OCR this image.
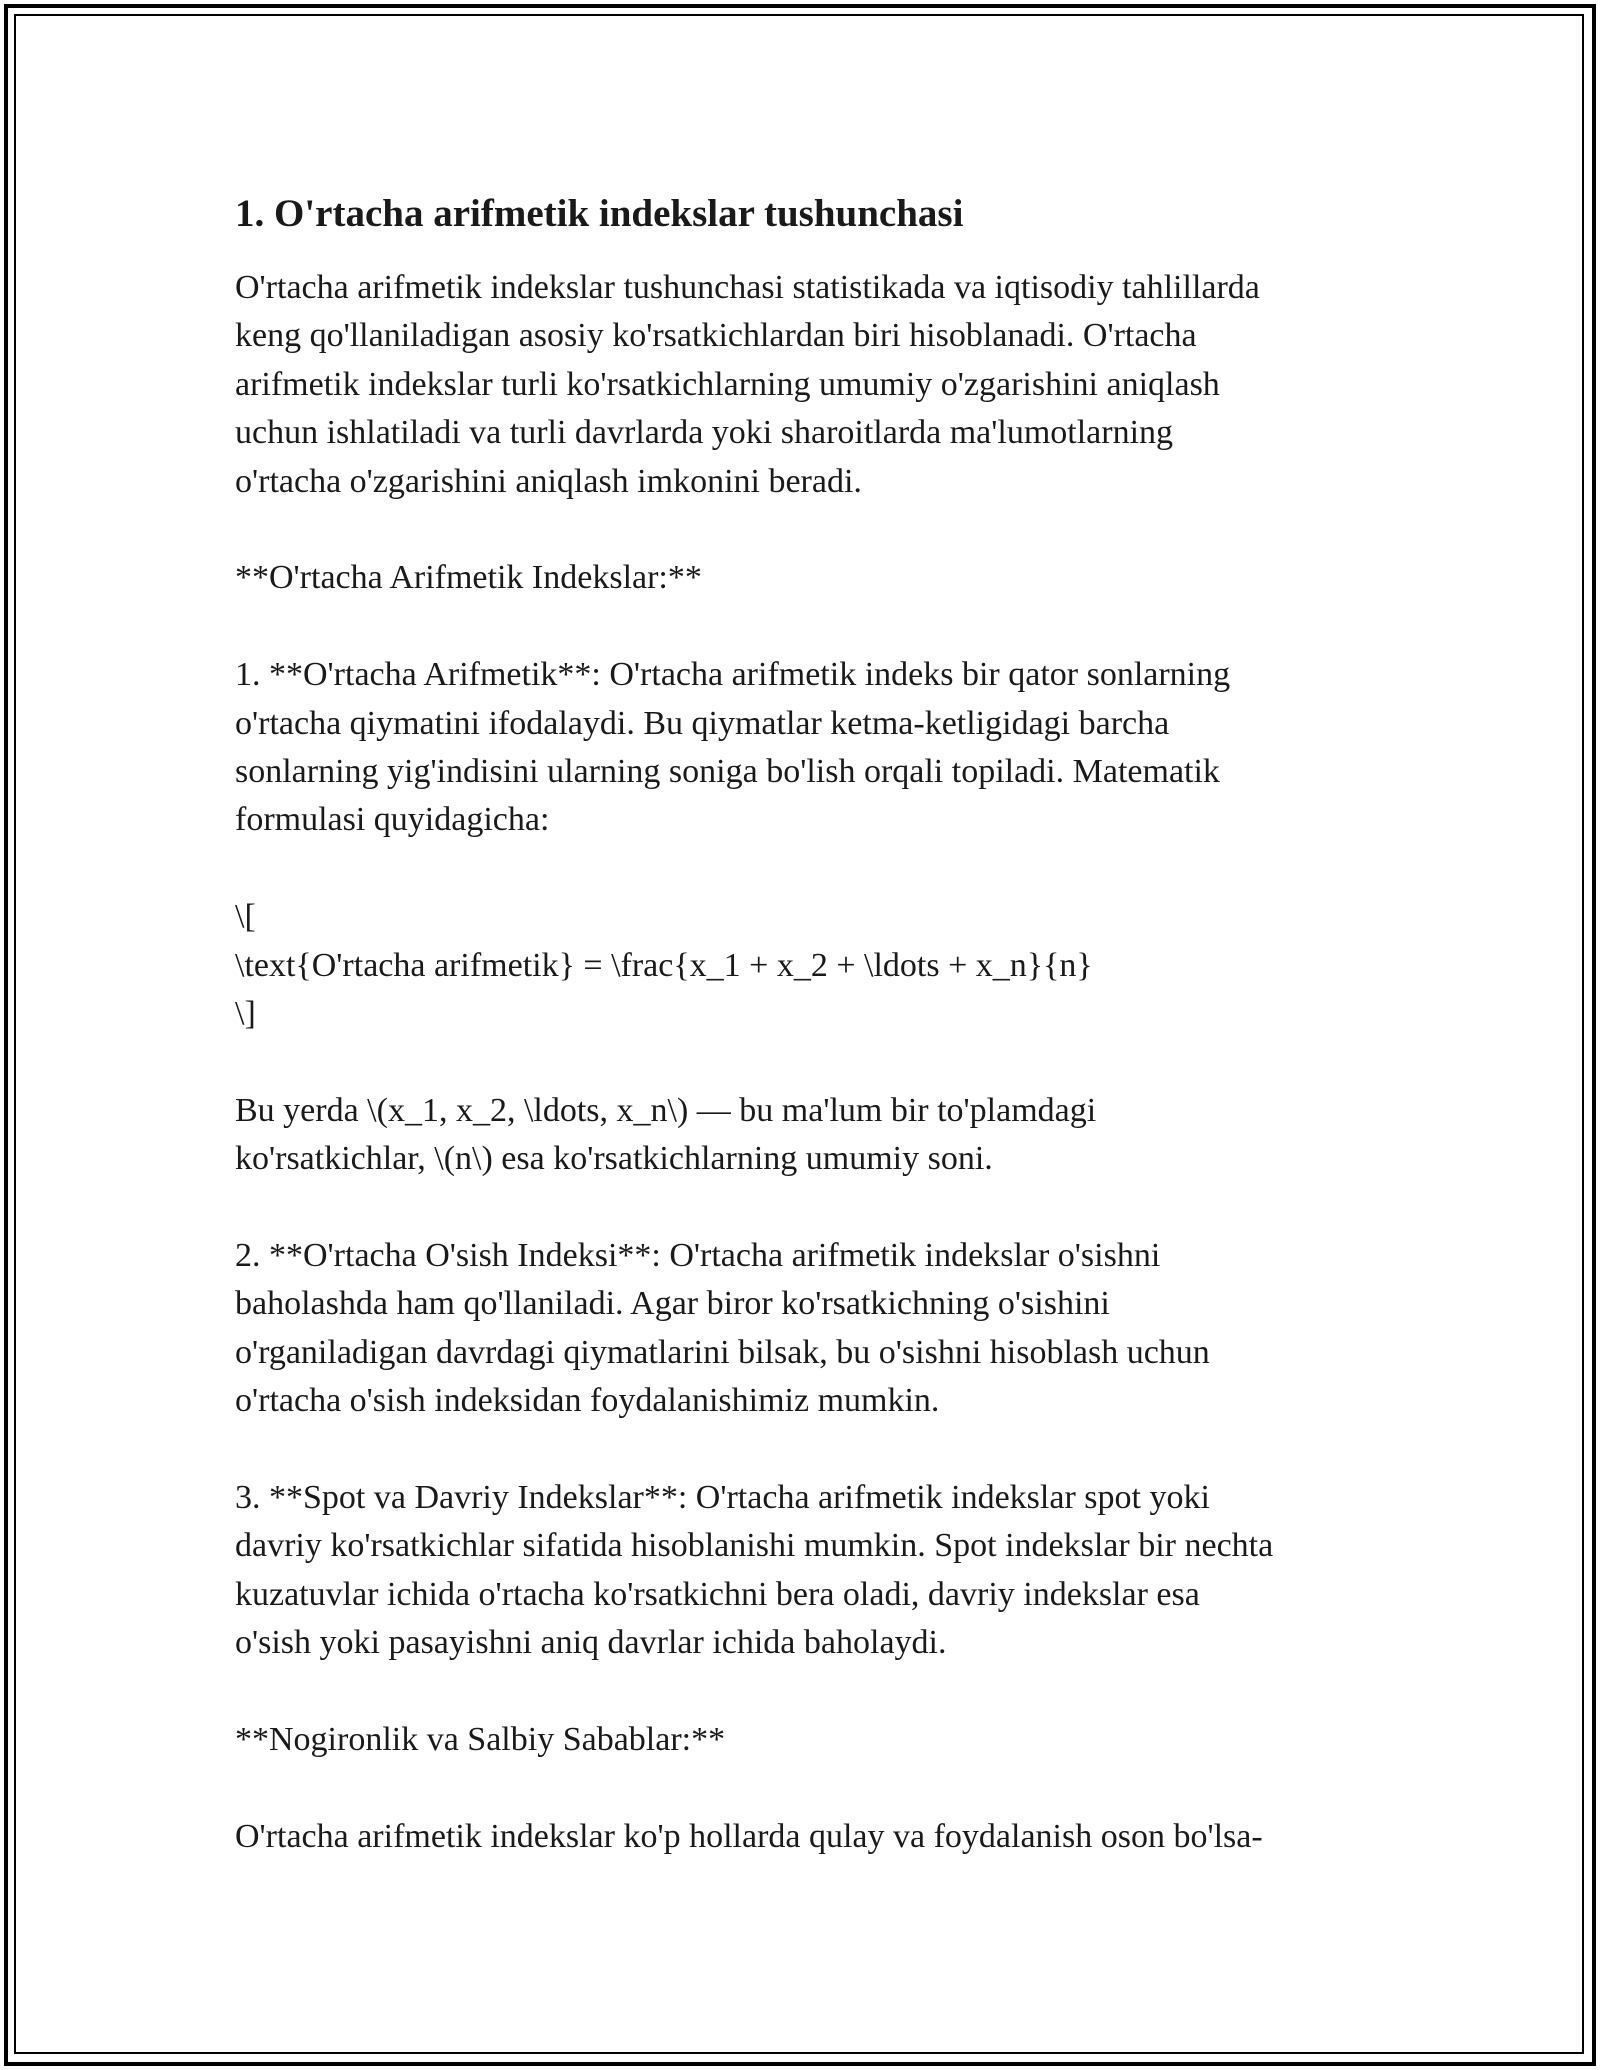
1. O'rtacha arifmetik indekslar tushunchasi

O'rtacha arifmetik indekslar tushunchasi statistikada va iqtisodiy tahlillarda
keng qo'llaniladigan asosiy ko'rsatkichlardan biri hisoblanadi. O'rtacha
arifmetik indekslar turli ko'rsatkichlarning umumiy o'zgarishini aniqlash
uchun ishlatiladi va turli davrlarda yoki sharoitlarda ma'lumotlarning
o'rtacha o'zgarishini aniqlash imkonini beradi.

**O'rtacha Arifmetik Indekslar:**

1. **O'rtacha Arifmetik**: O'rtacha arifmetik indeks bir qator sonlarning
o'rtacha qiymatini ifodalaydi. Bu qiymatlar ketma-ketligidagi barcha
sonlarning yig'indisini ularning soniga bo'lish orqali topiladi. Matematik
formulasi quyidagicha:

\[
\text{O'rtacha arifmetik} = \frac{x_1 + x_2 + \ldots + x_n}{n}
\]

Bu yerda \(x_1, x_2, \ldots, x_n\) — bu ma'lum bir to'plamdagi
ko'rsatkichlar, \(n\) esa ko'rsatkichlarning umumiy soni.

2. **O'rtacha O'sish Indeksi**: O'rtacha arifmetik indekslar o'sishni
baholashda ham qo'llaniladi. Agar biror ko'rsatkichning o'sishini
o'rganiladigan davrdagi qiymatlarini bilsak, bu o'sishni hisoblash uchun
o'rtacha o'sish indeksidan foydalanishimiz mumkin.

3. **Spot va Davriy Indekslar**: O'rtacha arifmetik indekslar spot yoki
davriy ko'rsatkichlar sifatida hisoblanishi mumkin. Spot indekslar bir nechta
kuzatuvlar ichida o'rtacha ko'rsatkichni bera oladi, davriy indekslar esa
o'sish yoki pasayishni aniq davrlar ichida baholaydi.

**Nogironlik va Salbiy Sabablar:**

O'rtacha arifmetik indekslar ko'p hollarda qulay va foydalanish oson bo'lsa-
